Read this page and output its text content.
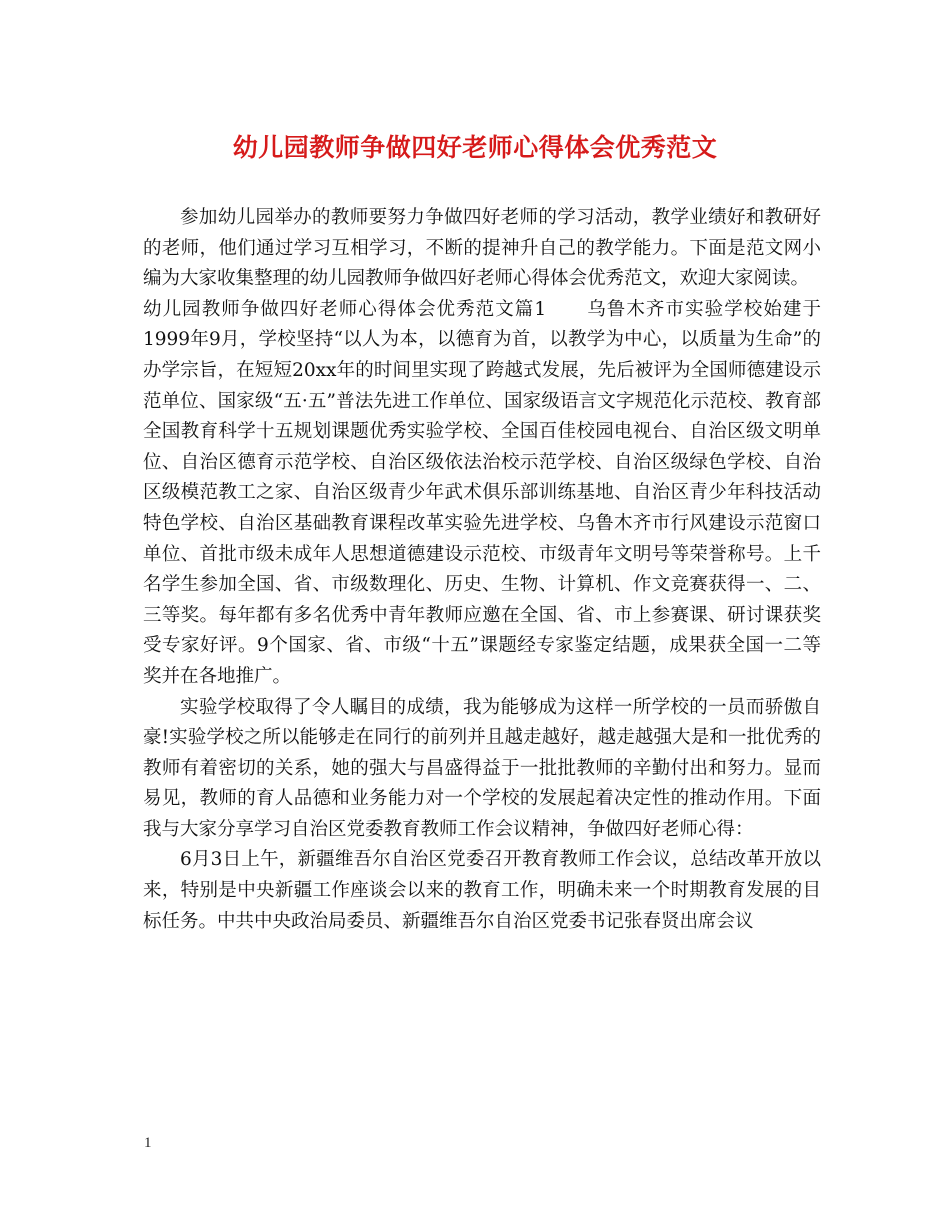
幼儿园教师争做四好老师心得体会优秀范文

参加幼儿园举办的教师要努力争做四好老师的学习活动，教学业绩好和教研好的老师，他们通过学习互相学习，不断的提神升自己的教学能力。下面是范文网小编为大家收集整理的幼儿园教师争做四好老师心得体会优秀范文，欢迎大家阅读。

幼儿园教师争做四好老师心得体会优秀范文篇1 乌鲁木齐市实验学校始建于1999年9月，学校坚持“以人为本，以德育为首，以教学为中心，以质量为生命”的办学宗旨，在短短20xx年的时间里实现了跨越式发展，先后被评为全国师德建设示范单位、国家级“五·五”普法先进工作单位、国家级语言文字规范化示范校、教育部全国教育科学十五规划课题优秀实验学校、全国百佳校园电视台、自治区级文明单位、自治区德育示范学校、自治区级依法治校示范学校、自治区级绿色学校、自治区级模范教工之家、自治区级青少年武术俱乐部训练基地、自治区青少年科技活动特色学校、自治区基础教育课程改革实验先进学校、乌鲁木齐市行风建设示范窗口单位、首批市级未成年人思想道德建设示范校、市级青年文明号等荣誉称号。上千名学生参加全国、省、市级数理化、历史、生物、计算机、作文竞赛获得一、二、三等奖。每年都有多名优秀中青年教师应邀在全国、省、市上参赛课、研讨课获奖受专家好评。9个国家、省、市级“十五”课题经专家鉴定结题，成果获全国一二等奖并在各地推广。

实验学校取得了令人瞩目的成绩，我为能够成为这样一所学校的一员而骄傲自豪!实验学校之所以能够走在同行的前列并且越走越好，越走越强大是和一批优秀的教师有着密切的关系，她的强大与昌盛得益于一批批教师的辛勤付出和努力。显而易见，教师的育人品德和业务能力对一个学校的发展起着决定性的推动作用。下面我与大家分享学习自治区党委教育教师工作会议精神，争做四好老师心得：

6月3日上午，新疆维吾尔自治区党委召开教育教师工作会议，总结改革开放以来，特别是中央新疆工作座谈会以来的教育工作，明确未来一个时期教育发展的目标任务。中共中央政治局委员、新疆维吾尔自治区党委书记张春贤出席会议

1
